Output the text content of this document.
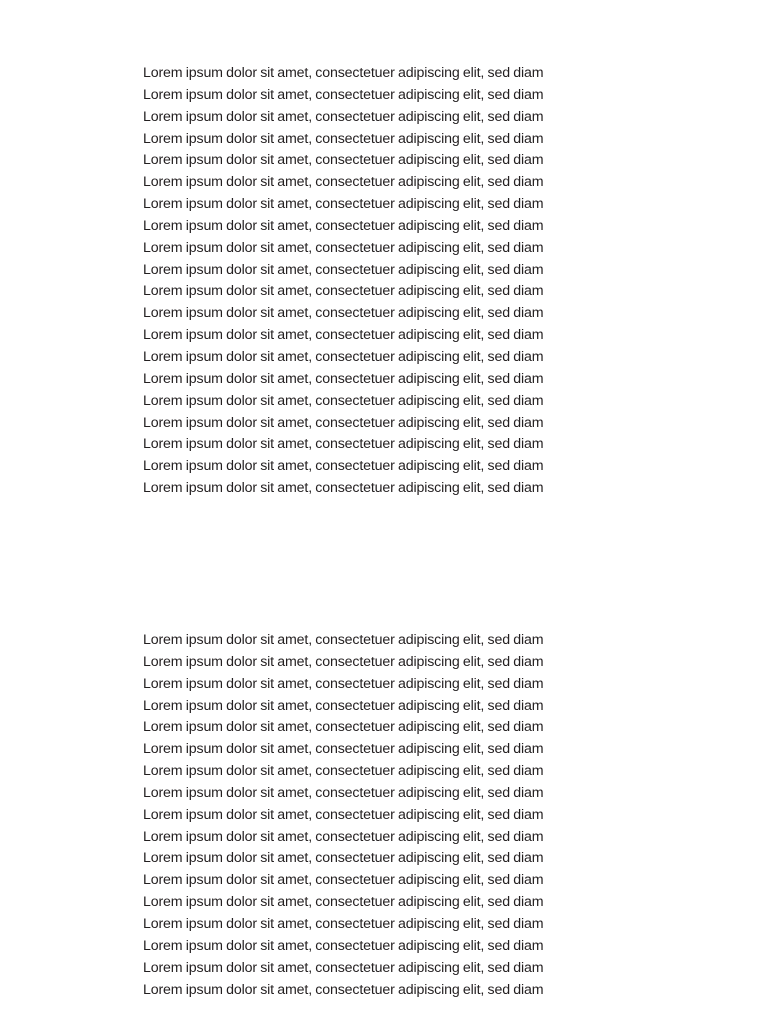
Lorem ipsum dolor sit amet, consectetuer adipiscing elit, sed diam
Lorem ipsum dolor sit amet, consectetuer adipiscing elit, sed diam
Lorem ipsum dolor sit amet, consectetuer adipiscing elit, sed diam
Lorem ipsum dolor sit amet, consectetuer adipiscing elit, sed diam
Lorem ipsum dolor sit amet, consectetuer adipiscing elit, sed diam
Lorem ipsum dolor sit amet, consectetuer adipiscing elit, sed diam
Lorem ipsum dolor sit amet, consectetuer adipiscing elit, sed diam
Lorem ipsum dolor sit amet, consectetuer adipiscing elit, sed diam
Lorem ipsum dolor sit amet, consectetuer adipiscing elit, sed diam
Lorem ipsum dolor sit amet, consectetuer adipiscing elit, sed diam
Lorem ipsum dolor sit amet, consectetuer adipiscing elit, sed diam
Lorem ipsum dolor sit amet, consectetuer adipiscing elit, sed diam
Lorem ipsum dolor sit amet, consectetuer adipiscing elit, sed diam
Lorem ipsum dolor sit amet, consectetuer adipiscing elit, sed diam
Lorem ipsum dolor sit amet, consectetuer adipiscing elit, sed diam
Lorem ipsum dolor sit amet, consectetuer adipiscing elit, sed diam
Lorem ipsum dolor sit amet, consectetuer adipiscing elit, sed diam
Lorem ipsum dolor sit amet, consectetuer adipiscing elit, sed diam
Lorem ipsum dolor sit amet, consectetuer adipiscing elit, sed diam
Lorem ipsum dolor sit amet, consectetuer adipiscing elit, sed diam
Lorem ipsum dolor sit amet, consectetuer adipiscing elit, sed diam
Lorem ipsum dolor sit amet, consectetuer adipiscing elit, sed diam
Lorem ipsum dolor sit amet, consectetuer adipiscing elit, sed diam
Lorem ipsum dolor sit amet, consectetuer adipiscing elit, sed diam
Lorem ipsum dolor sit amet, consectetuer adipiscing elit, sed diam
Lorem ipsum dolor sit amet, consectetuer adipiscing elit, sed diam
Lorem ipsum dolor sit amet, consectetuer adipiscing elit, sed diam
Lorem ipsum dolor sit amet, consectetuer adipiscing elit, sed diam
Lorem ipsum dolor sit amet, consectetuer adipiscing elit, sed diam
Lorem ipsum dolor sit amet, consectetuer adipiscing elit, sed diam
Lorem ipsum dolor sit amet, consectetuer adipiscing elit, sed diam
Lorem ipsum dolor sit amet, consectetuer adipiscing elit, sed diam
Lorem ipsum dolor sit amet, consectetuer adipiscing elit, sed diam
Lorem ipsum dolor sit amet, consectetuer adipiscing elit, sed diam
Lorem ipsum dolor sit amet, consectetuer adipiscing elit, sed diam
Lorem ipsum dolor sit amet, consectetuer adipiscing elit, sed diam
Lorem ipsum dolor sit amet, consectetuer adipiscing elit, sed diam
